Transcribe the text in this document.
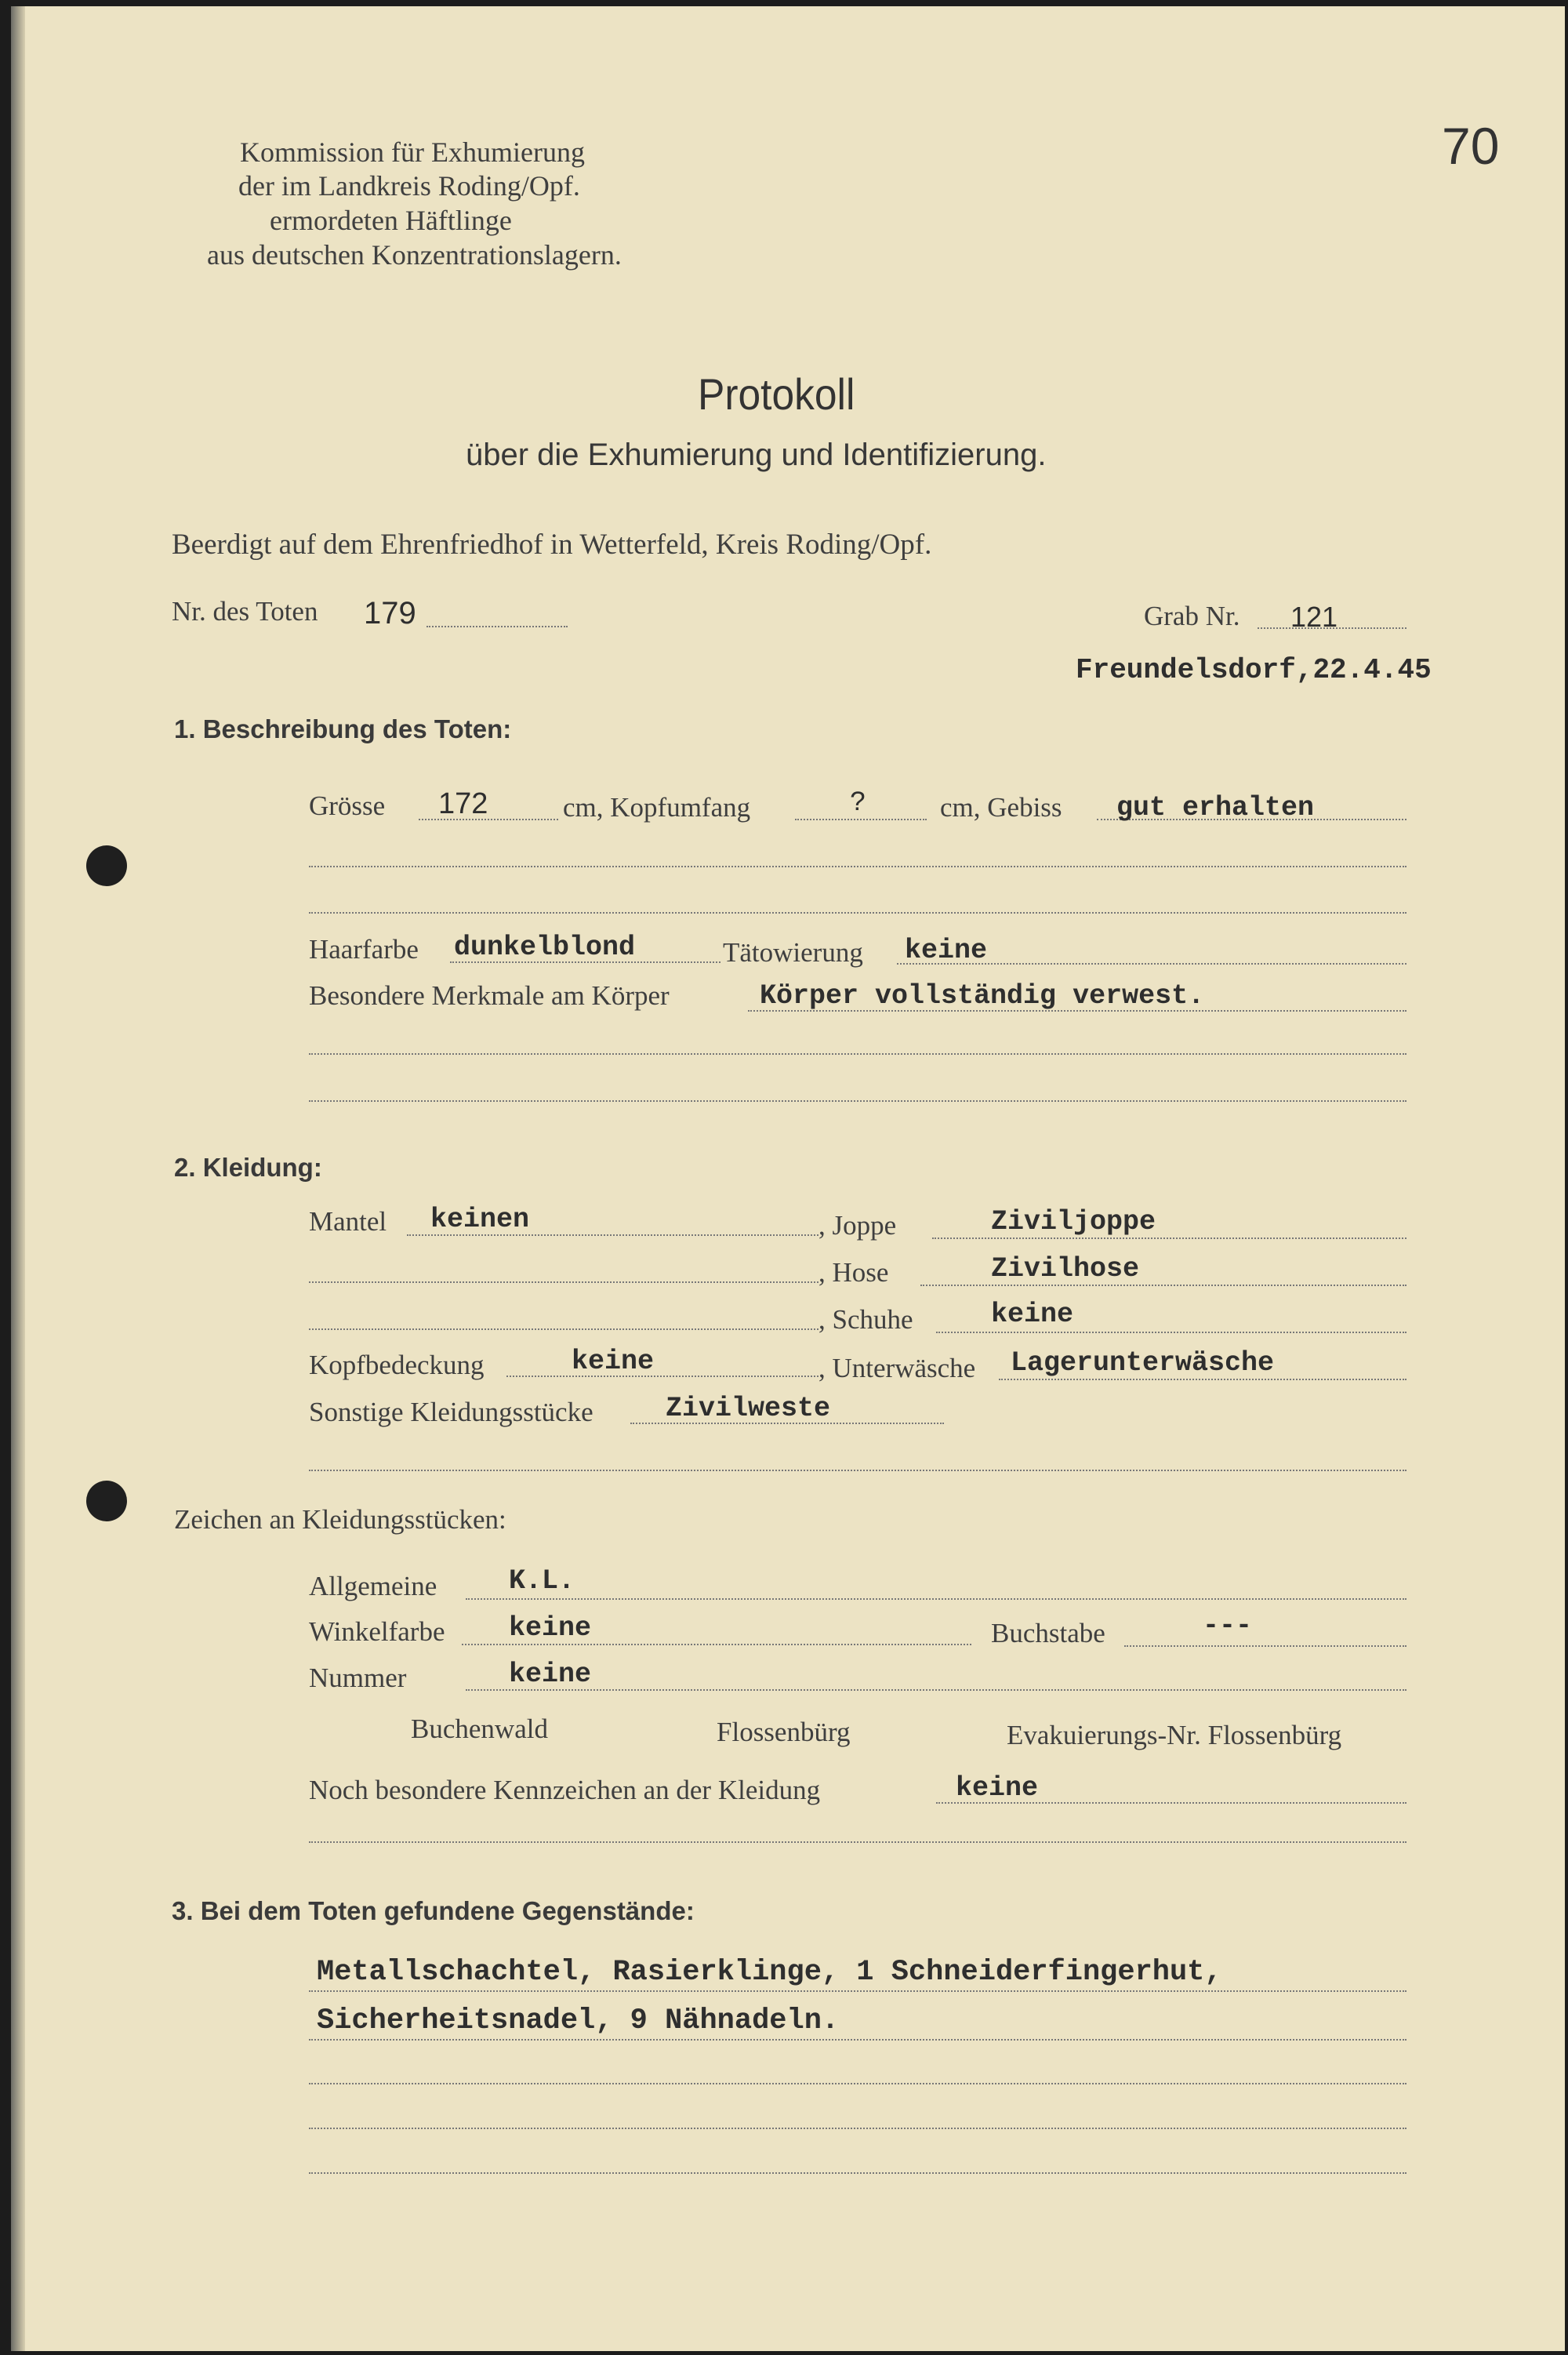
Kommission für Exhumierung
der im Landkreis Roding/Opf.
ermordeten Häftlinge
aus deutschen Konzentrationslagern.
70
Protokoll
über die Exhumierung und Identifizierung.
Beerdigt auf dem Ehrenfriedhof in Wetterfeld, Kreis Roding/Opf.
Nr. des Toten 179	Grab Nr. 121
Freundelsdorf,22.4.45
1. Beschreibung des Toten:
Grösse 172	cm, Kopfumfang	?	cm, Gebiss gut erhalten
Haarfarbe dunkelblond	Tätowierung keine
Besondere Merkmale am Körper	Körper vollständig verwest.
2. Kleidung:
Mantel keinen	, Joppe	Ziviljoppe
, Hose	Zivilhose
, Schuhe	keine
Kopfbedeckung	keine	, Unterwäsche Lagerunterwäsche
Sonstige Kleidungsstücke	Zivilweste
Zeichen an Kleidungsstücken:
Allgemeine	K.L.
Winkelfarbe keine	Buchstabe	---
Nummer	keine
Buchenwald	Flossenbürg	Evakuierungs-Nr. Flossenbürg
Noch besondere Kennzeichen an der Kleidung	keine
3. Bei dem Toten gefundene Gegenstände:
Metallschachtel, Rasierklinge, 1 Schneiderfingerhut,
Sicherheitsnadel, 9 Nähnadeln.
